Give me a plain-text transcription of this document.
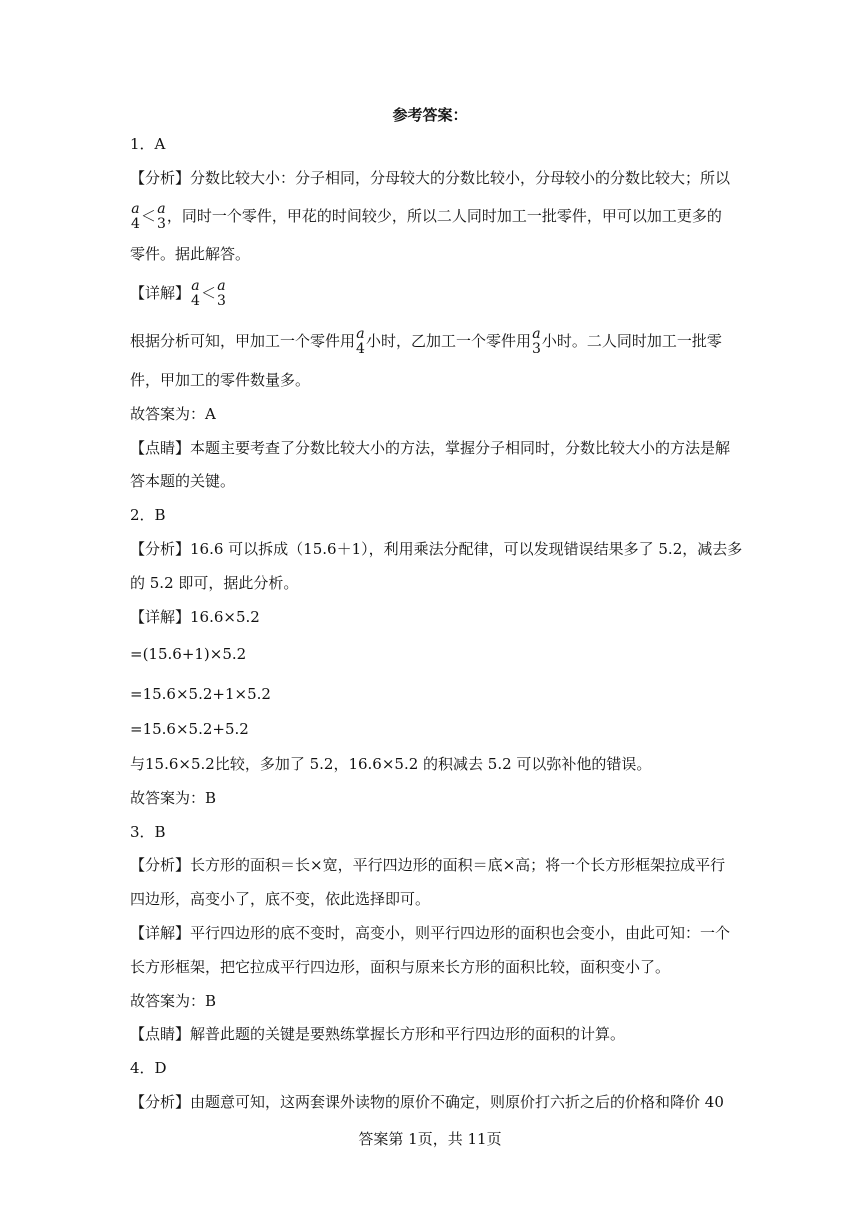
参考答案：
1．A
【分析】分数比较大小：分子相同，分母较大的分数比较小，分母较小的分数比较大；所以
a
4 ＜ a
3 ，同时一个零件，甲花的时间较少，所以二人同时加工一批零件，甲可以加工更多的
零件。据此解答。
【详解】 a
4 ＜ a
3
根据分析可知，甲加工一个零件用 a
4 小时，乙加工一个零件用 a
3 小时。二人同时加工一批零
件，甲加工的零件数量多。
故答案为：A
【点睛】本题主要考查了分数比较大小的方法，掌握分子相同时，分数比较大小的方法是解
答本题的关键。
2．B
【分析】16.6 可以拆成（15.6＋1），利用乘法分配律，可以发现错误结果多了 5.2，减去多
的 5.2 即可，据此分析。
【详解】16.6×5.2
=(15.6+1)×5.2
=15.6×5.2+1×5.2
=15.6×5.2+5.2
与15.6×5.2比较，多加了 5.2，16.6×5.2 的积减去 5.2 可以弥补他的错误。
故答案为：B
3．B
【分析】长方形的面积＝长×宽，平行四边形的面积＝底×高；将一个长方形框架拉成平行
四边形，高变小了，底不变，依此选择即可。
【详解】平行四边形的底不变时，高变小，则平行四边形的面积也会变小，由此可知：一个
长方形框架，把它拉成平行四边形，面积与原来长方形的面积比较，面积变小了。
故答案为：B
【点睛】解普此题的关键是要熟练掌握长方形和平行四边形的面积的计算。
4．D
【分析】由题意可知，这两套课外读物的原价不确定，则原价打六折之后的价格和降价 40
答案第 1页，共 11页
